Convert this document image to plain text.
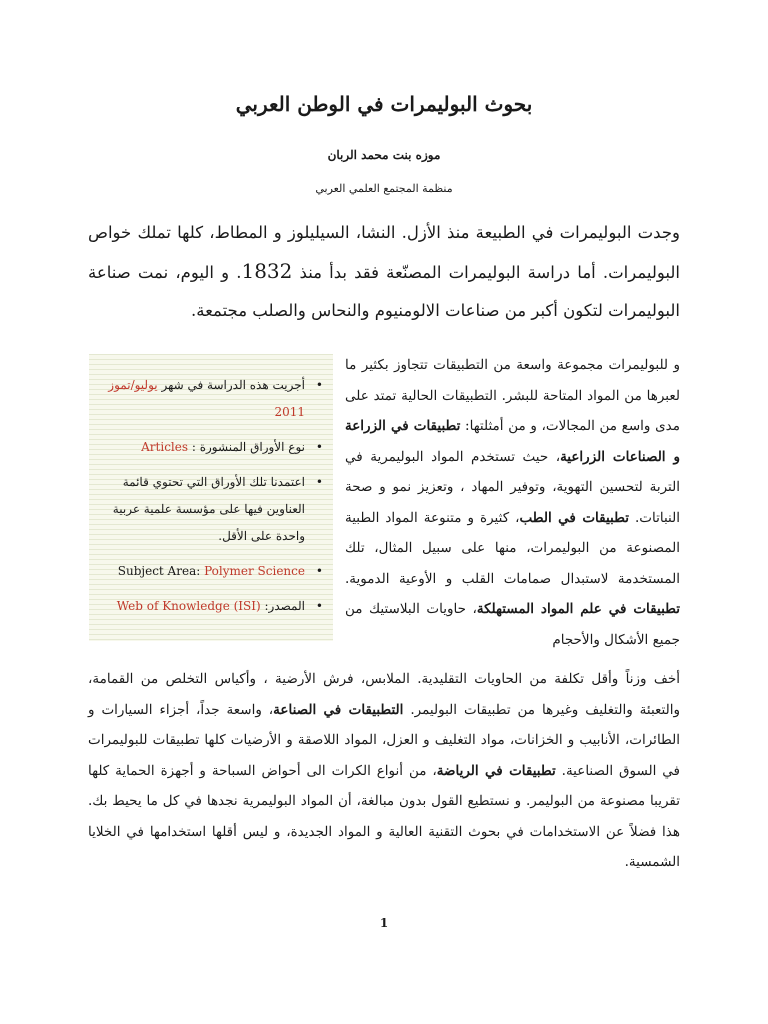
بحوث البوليمرات في الوطن العربي
موزه بنت محمد الربان
منظمة المجتمع العلمي العربي

وجدت البوليمرات في الطبيعة منذ الأزل. النشا، السيليلوز و المطاط، كلها تملك خواص البوليمرات. أما دراسة البوليمرات المصنّعة فقد بدأ منذ 1832. و اليوم، نمت صناعة البوليمرات لتكون أكبر من صناعات الالومنيوم والنحاس والصلب مجتمعة.

•
أجريت هذه الدراسة في شهر يوليو/تموز 2011
•
نوع الأوراق المنشورة : Articles
•
اعتمدنا تلك الأوراق التي تحتوي قائمة العناوين فيها على مؤسسة علمية عربية واحدة على الأقل.
Subject Area: Polymer Science •
•
المصدر: Web of Knowledge (ISI)

و للبوليمرات مجموعة واسعة من التطبيقات تتجاوز بكثير ما لعبرها من المواد المتاحة للبشر. التطبيقات الحالية تمتد على مدى واسع من المجالات، و من أمثلتها: تطبيقات في الزراعة و الصناعات الزراعية، حيث تستخدم المواد البوليمرية في التربة لتحسين التهوية، وتوفير المهاد ، وتعزيز نمو و صحة النباتات. تطبيقات في الطب، كثيرة و متنوعة المواد الطبية المصنوعة من البوليمرات، منها على سبيل المثال، تلك المستخدمة لاستبدال صمامات القلب و الأوعية الدموية. تطبيقات في علم المواد المستهلكة، حاويات البلاستيك من جميع الأشكال والأحجام

أخف وزناً وأقل تكلفة من الحاويات التقليدية. الملابس، فرش الأرضية ، وأكياس التخلص من القمامة، والتعبئة والتغليف وغيرها من تطبيقات البوليمر. التطبيقات في الصناعة، واسعة جداً، أجزاء السيارات و الطائرات، الأنابيب و الخزانات، مواد التغليف و العزل، المواد اللاصقة و الأرضيات كلها تطبيقات للبوليمرات في السوق الصناعية. تطبيقات في الرياضة، من أنواع الكرات الى أحواض السباحة و أجهزة الحماية كلها تقريبا مصنوعة من البوليمر. و نستطيع القول بدون مبالغة، أن المواد البوليمرية نجدها في كل ما يحيط بك. هذا فضلاً عن الاستخدامات في بحوث التقنية العالية و المواد الجديدة، و ليس أقلها استخدامها في الخلايا الشمسية.

1
